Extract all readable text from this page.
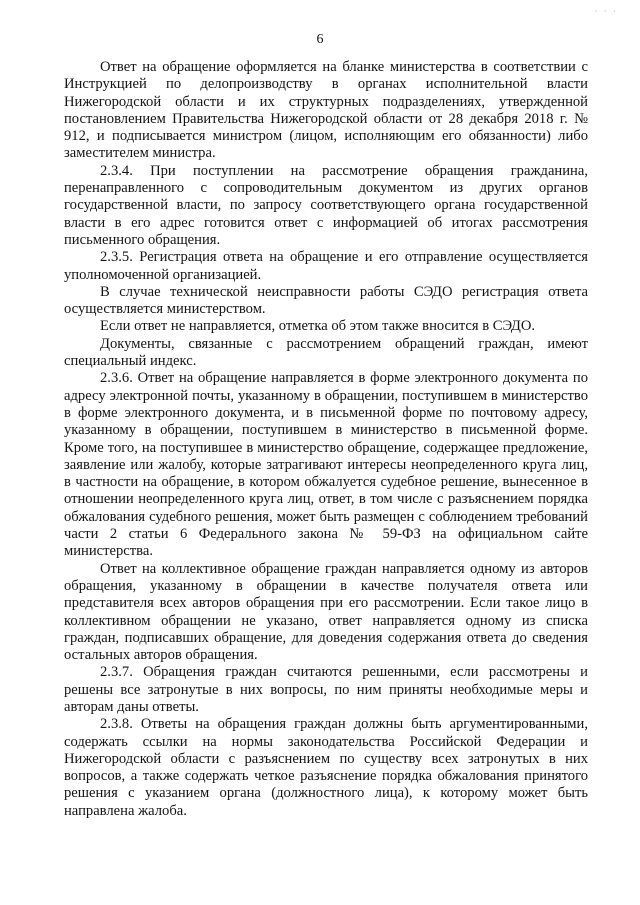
· · ·
6

Ответ на обращение оформляется на бланке министерства в соответствии с Инструкцией по делопроизводству в органах исполнительной власти Нижегородской области и их структурных подразделениях, утвержденной постановлением Правительства Нижегородской области от 28 декабря 2018 г. № 912, и подписывается министром (лицом, исполняющим его обязанности) либо заместителем министра.

2.3.4. При поступлении на рассмотрение обращения гражданина, перенаправленного с сопроводительным документом из других органов государственной власти, по запросу соответствующего органа государственной власти в его адрес готовится ответ с информацией об итогах рассмотрения письменного обращения.

2.3.5. Регистрация ответа на обращение и его отправление осуществляется уполномоченной организацией.

В случае технической неисправности работы СЭДО регистрация ответа осуществляется министерством.

Если ответ не направляется, отметка об этом также вносится в СЭДО.

Документы, связанные с рассмотрением обращений граждан, имеют специальный индекс.

2.3.6. Ответ на обращение направляется в форме электронного документа по адресу электронной почты, указанному в обращении, поступившем в министерство в форме электронного документа, и в письменной форме по почтовому адресу, указанному в обращении, поступившем в министерство в письменной форме. Кроме того, на поступившее в министерство обращение, содержащее предложение, заявление или жалобу, которые затрагивают интересы неопределенного круга лиц, в частности на обращение, в котором обжалуется судебное решение, вынесенное в отношении неопределенного круга лиц, ответ, в том числе с разъяснением порядка обжалования судебного решения, может быть размещен с соблюдением требований части 2 статьи 6 Федерального закона № 59-ФЗ на официальном сайте министерства.

Ответ на коллективное обращение граждан направляется одному из авторов обращения, указанному в обращении в качестве получателя ответа или представителя всех авторов обращения при его рассмотрении. Если такое лицо в коллективном обращении не указано, ответ направляется одному из списка граждан, подписавших обращение, для доведения содержания ответа до сведения остальных авторов обращения.

2.3.7. Обращения граждан считаются решенными, если рассмотрены и решены все затронутые в них вопросы, по ним приняты необходимые меры и авторам даны ответы.

2.3.8. Ответы на обращения граждан должны быть аргументированными, содержать ссылки на нормы законодательства Российской Федерации и Нижегородской области с разъяснением по существу всех затронутых в них вопросов, а также содержать четкое разъяснение порядка обжалования принятого решения с указанием органа (должностного лица), к которому может быть направлена жалоба.
